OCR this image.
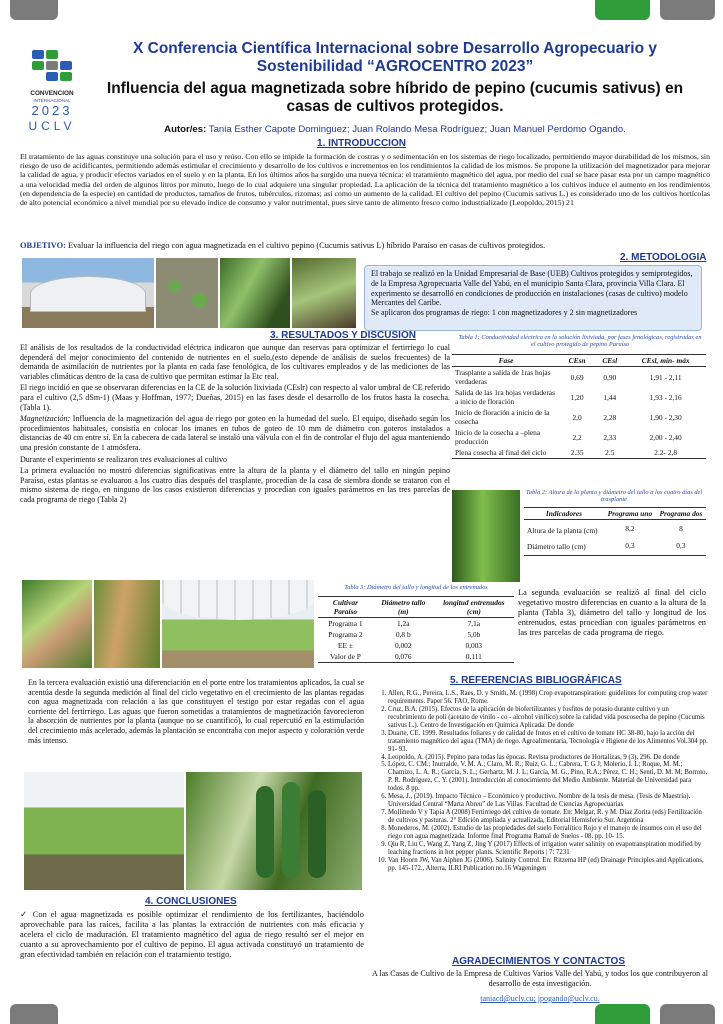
CONVENCION
INTERNACIONAL
2023
UCLV
X Conferencia Científica Internacional sobre Desarrollo Agropecuario y
Sostenibilidad “AGROCENTRO 2023”
Influencia del agua magnetizada sobre híbrido de pepino (cucumis sativus) en
casas de cultivos protegidos.
Autor/es: Tania Esther Capote Dominguez; Juan Rolando Mesa Rodríguez; Juan Manuel Perdomo Ogando.
1. INTRODUCCION
El tratamiento de las aguas constituye una solución para el uso y reúso. Con ello se impide la formación de costras y o sedimentación en los sistemas de riego localizado, permitiendo mayor durabilidad de los mismos, sin riesgo de uso de acidificantes, permitiendo además estimular el crecimiento y desarrollo de los cultivos e incrementos en los rendimientos la calidad de los mismos. Se propone la utilización del magnetizador para mejorar la calidad de agua, y producir efectos variados en el suelo y en la planta. En los últimos años ha surgido una nueva técnica: el tratamiento magnético del agua, por medio del cual se hace pasar esta por un campo magnético a una velocidad media del orden de algunos litros por minuto, luego de lo cual adquiere una singular propiedad. La aplicación de la técnica del tratamiento magnético a los cultivos induce el aumento en los rendimientos (en dependencia de la especie) en cantidad de productos, tamaños de frutos, tubérculos, rizomas; así como un aumento de la calidad. El cultivo del pepino (Cucumis sativus L.) es considerado uno de los cultivos hortícolas de alto potencial económico a nivel mundial por su elevado índice de consumo y valor nutrimental, pues sirve tanto de alimento fresco como industrializado (Leopoldo, 2015) 21
OBJETIVO: Evaluar la influencia del riego con agua magnetizada en el cultivo pepino (Cucumis sativus L) híbrido Paraíso en casas de cultivos protegidos.
2. METODOLOGIA
El trabajo se realizó en la Unidad Empresarial de Base (UEB) Cultivos protegidos y semiprotegidos, de la Empresa Agropecuaria Valle del Yabú, en el municipio Santa Clara, provincia Villa Clara. El experimento se desarrolló en condiciones de producción en instalaciones (casas de cultivo) modelo Mercantes del Caribe.
Se aplicaron dos programas de riego: 1 con magnetizadores y 2 sin magnetizadores
3. RESULTADOS Y DISCUSION

El análisis de los resultados de la conductividad eléctrica indicaron que aunque dan reservas para optimizar el fertirriego lo cual dependerá del mejor conocimiento del contenido de nutrientes en el suelo,(esto depende de análisis de suelos frecuentes) de la demanda de asimilación de nutrientes por la planta en cada fase fenológica, de los cultivares empleados y de las mediciones de las variables climáticas dentro de la casa de cultivo que permitan estimar la Etc real.

El riego incidió en que se observaran diferencias en la CE de la solución lixiviada (CEslr) con respecto al valor umbral de CE referido para el cultivo (2,5 dSm-1) (Maas y Hoffman, 1977; Dueñas, 2015) en las fases desde el desarrollo de los frutos hasta la cosecha. (Tabla 1).

Magnetización: Influencia de la magnetización del agua de riego por goteo en la humedad del suelo. El equipo, diseñado según los procedimientos habituales, consistía en colocar los imanes en tubos de goteo de 10 mm de diámetro con goteros instalados a distancias de 40 cm entre sí. En la cabecera de cada lateral se instaló una válvula con el fin de controlar el flujo del agua manteniendo una presión constante de 1 atmósfera.

Durante el experimento se realizaron tres evaluaciones al cultivo

La primera evaluación no mostró diferencias significativas entre la altura de la planta y el diámetro del tallo en ningún pepino Paraíso, estas plantas se evaluaron a los cuatro días después del trasplante, procedían de la casa de siembra donde se trataron con el mismo sistema de riego, en ninguno de los casos existieron diferencias y procedían con iguales parámetros en las tres parcelas de cada programa de riego (Tabla 2)

Tabla 1: Conductividad eléctrica en la solución lixiviada, por fases fenológicas, registradas en el cultivo protegido de pepino Paraíso
Fase	CEsn	CEsl	CEsl, mín- máx
Trasplante a salida de 1ras hojas verdaderas	0,69	0,90	1,91 - 2,11
Salida de las 1ra hojas verdaderas a inicio de floración	1,20	1,44	1,93 - 2,16
Inicio de floración a inicio de la cosecha	2,0	2,28	1,90 - 2,30
Inicio de la cosecha a –plena producción	2,2	2,33	2,00 - 2,40
Plena cosecha al final del ciclo	2.35	2.5	2.2- 2,8
Tabla 2: Altura de la planta y diámetro del tallo a los cuatro días del trasplante
Indicadores	Programa uno	Programa dos
Altura de la planta (cm)	8,2	8
Diámetro tallo (cm)	0,3	0,3
Tabla 3: Diámetro del tallo y longitud de los entrenudos
Cultivar Paraíso	Diámetro tallo (m)	longitud entrenudos (cm)
Programa 1	1,2a	7,1a
Programa 2	0,8 b	5,0b
EE ±	0,002	0,003
Valor de P	0,076	0,111
La segunda evaluación se realizó al final del ciclo vegetativo mostro diferencias en cuanto a la altura de la planta (Tabla 3), diámetro del tallo y longitud de los entrenudos, estas procedían con iguales parámetros en las tres parcelas de cada programa de riego.
En la tercera evaluación existió una diferenciación en el porte entre los tratamientos aplicados, la cual se acentúa desde la segunda medición al final del ciclo vegetativo en el crecimiento de las plantas regadas con agua magnetizada con relación a las que constituyen el testigo por estar regadas con el agua corriente del fertirriego. Las aguas que fueron sometidas a tratamientos de magnetización favorecieron la absorción de nutrientes por la planta (aunque no se cuantificó), lo cual repercutió en la estimulación del crecimiento más acelerado, además la plantación se encontraba con mejor aspecto y coloración verde más intenso.
4. CONCLUSIONES
✓ Con el agua magnetizada es posible optimizar el rendimiento de los fertilizantes, haciéndolo aprovechable para las raíces, facilita a las plantas la extracción de nutrientes con más eficacia y acelera el ciclo de maduración. El tratamiento magnético del agua de riego resultó ser el mejor en cuanto a su aprovechamiento por el cultivo de pepino. El agua activada constituyó un tratamiento de gran efectividad también en relación con el tratamiento testigo.
5. REFERENCIAS BIBLIOGRÁFICAS
1. Allen, R.G., Pereira, L.S., Raes, D. y Smith, M. (1998) Crop evapotranspiration: guidelines for computing crop water requirements. Paper 56. FAO, Rome.
2. Cruz, B.A. (2015). Efectos de la aplicación de biofertilizantes y fosfitos de potasio durante cultivo y un recubrimiento de poli (acetato de vinilo - co - alcohol vinílico) sobre la calidad vida poscosecha de pepino (Cucumis sativus L.). Centro de Investigación en Química Aplicada. De donde
3. Duarte, CE. 1999. Resultados foliares y de calidad de frutos en el cultivo de tomate HC 38-80, bajo la acción del tratamiento magnético del agua (TMA) de riego. Agroalimentaria, Tecnología e Higiene de los Alimentos Vol.304 pp. 91- 93.
4. Leopoldo, A. (2015). Pepino para todas las épocas. Revista productores de Hortalizas, 9 (3), 296. De donde
5. López, C. CM.; Inurralde, V. M. A.; Claro, M. R.; Ruiz, G. L.; Cabrera, T. G J; Molerio, I. L; Roque, M. M.; Chamizo, L. A. R.; García, S. L.; Gerhartz, M. J. L; García, M. G., Pino, R.A.; Pérez, C. H.; Senti, D. M. M; Borroto, P. R. Rodríguez, C. Y. (2001). Introducción al conocimiento del Medio Ambiente. Material de Universidad para todos. 8 pp.
6. Mesa, J., (2019). Impacto Técnico – Económico y productivo. Nombre de la tesis de mesa. (Tesis de Maestría). Universidad Central “Marta Abreu” de Las Villas. Facultad de Ciencias Agropecuarias
7. Mollinedo V y Tapia A (2008) Fertirriego del cultivo de tomate. En: Melgar, R. y M. Díaz Zorita (eds) Fertilización de cultivos y pasturas. 2° Edición ampliada y actualizada, Editorial Hemisferio Sur. Argentina
8. Monederos, M. (2002). Estudio de las propiedades del suelo Ferralítico Rojo y el manejo de insumos con el uso del riego con agua magnetizada. Informe final Programa Ramal de Suelos - 08. pp. 10- 15.
9. Qiu R, Liu C, Wang Z, Yang Z, Jing Y (2017) Effects of irrigation water salinity on evapotranspiration modified by leaching fractions in hot pepper plants. Scientific Reports | 7: 7231
10. Van Hoorn JW, Van Aiphen JG (2006). Salinity Control. En: Ritzema HP (ed) Drainage Principles and Applications, pp. 145-172., Alterra, ILRI Publication no.16 Wageningen
AGRADECIMIENTOS Y CONTACTOS
A las Casas de Cultivo de la Empresa de Cultivos Varios Valle del Yabú, y todos los que contribuyeron al desarrollo de esta investigación.
taniacd@uclv.cu; jpogando@uclv.cu.
